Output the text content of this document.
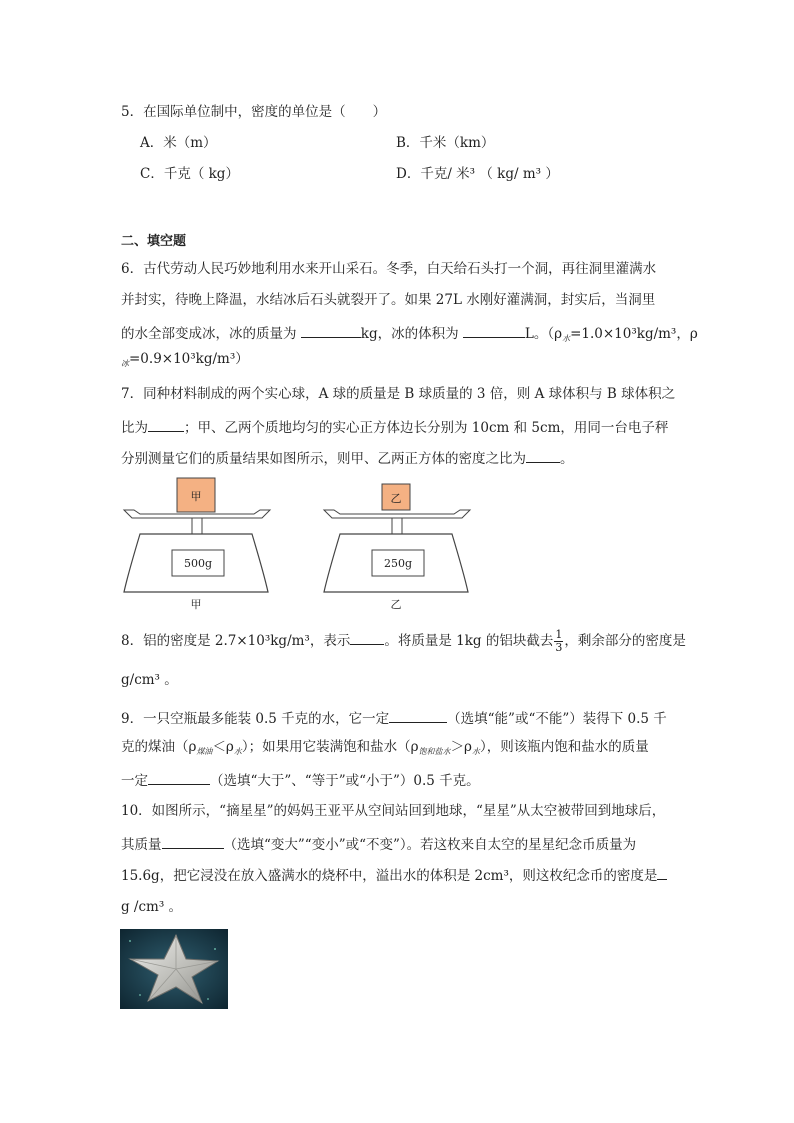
5．在国际单位制中，密度的单位是（　　）
A．米（m）	B．千米（km）
C．千克（ kg）	D．千克/ 米³ （ kg/ m³ ）
二、填空题
6．古代劳动人民巧妙地利用水来开山采石。冬季，白天给石头打一个洞，再往洞里灌满水
并封实，待晚上降温，水结冰后石头就裂开了。如果 27L 水刚好灌满洞，封实后，当洞里
的水全部变成冰，冰的质量为	kg，冰的体积为	L。（$\rho_水=1.0\times 10^3kg/m^3$，ρ
$_冰$=0.9×10³kg/m³）
7．同种材料制成的两个实心球，A 球的质量是 B 球质量的 3 倍，则 A 球体积与 B 球体积之
比为	；甲、乙两个质地均匀的实心正方体边长分别为 10cm 和 5cm，用同一台电子秤
分别测量它们的质量结果如图所示，则甲、乙两正方体的密度之比为	。
甲
500g
甲
乙
250g
乙
8．铝的密度是 2.7×10³kg/m³，表示	。将质量是 1kg 的铝块截去 $\frac{1}{3}$ ，剩余部分的密度是
g/cm³ 。
9．一只空瓶最多能装 0.5 千克的水，它一定	（选填“能”或“不能”）装得下 0.5 千
克的煤油$(\rho_{煤油}<\rho_水)$；如果用它装满饱和盐水$(\rho_{饱和盐水}>\rho_水)$，则该瓶内饱和盐水的质量
一定	（选填“大于”、“等于”或“小于”）0.5 千克。
10．如图所示，“摘星星”的妈妈王亚平从空间站回到地球，“星星”从太空被带回到地球后，
其质量	（选填“变大”“变小”或“不变”）。若这枚来自太空的星星纪念币质量为
15.6g，把它浸没在放入盛满水的烧杯中，溢出水的体积是 2cm³，则这枚纪念币的密度是
g /cm³ 。
